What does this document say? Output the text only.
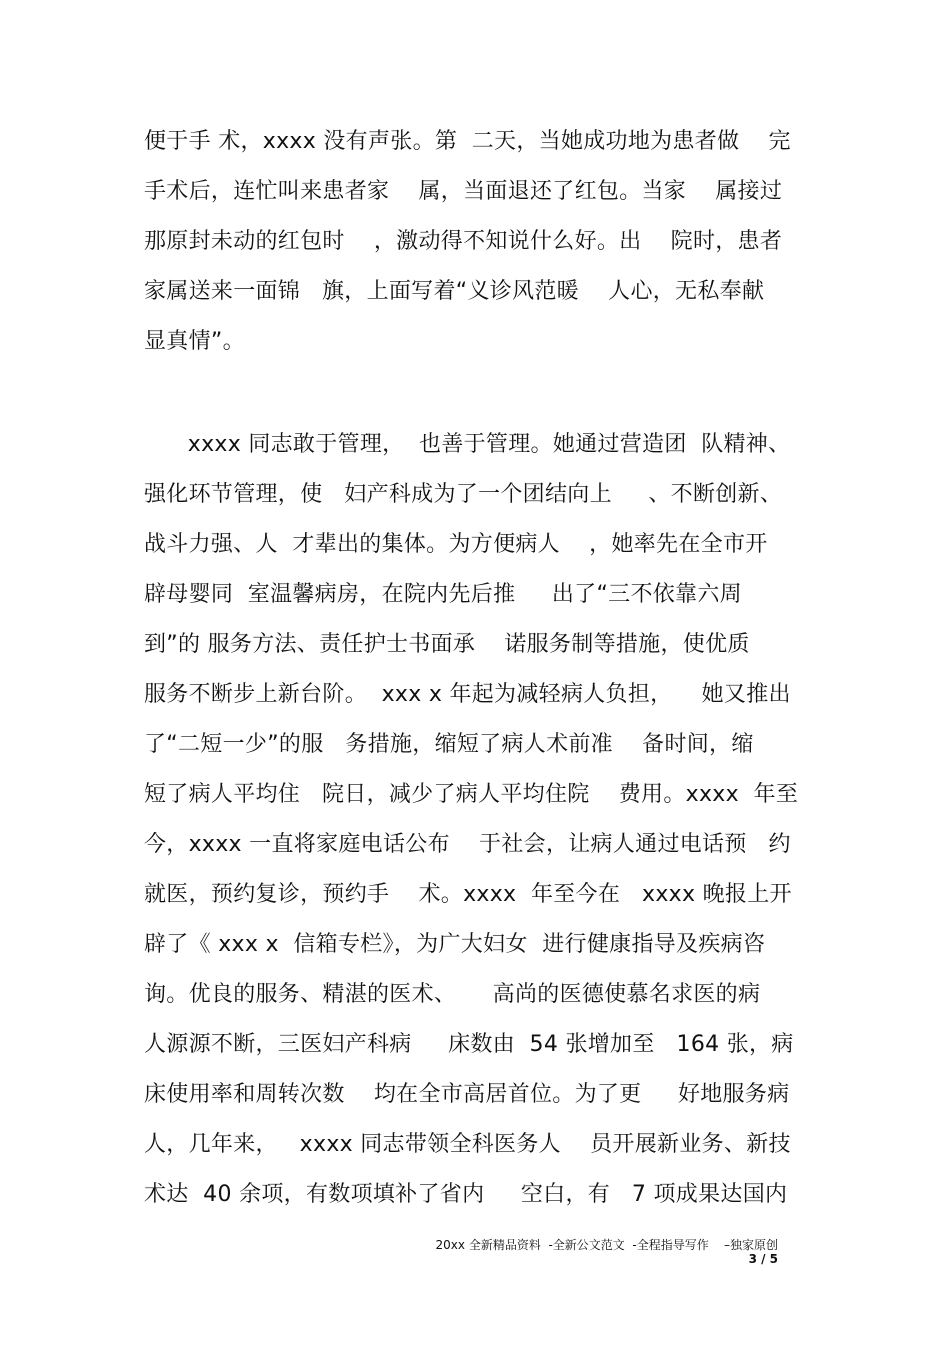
便于手 术，xxxx 没有声张。第  二天，当她成功地为患者做    完
手术后，连忙叫来患者家    属，当面退还了红包。当家    属接过
那原封未动的红包时    ，激动得不知说什么好。出    院时，患者
家属送来一面锦   旗，上面写着“义诊风范暖    人心，无私奉献
显真情”。
xxxx 同志敢于管理，  也善于管理。她通过营造团  队精神、
强化环节管理，使   妇产科成为了一个团结向上     、不断创新、
战斗力强、人  才辈出的集体。为方便病人    ，她率先在全市开
辟母婴同  室温馨病房，在院内先后推     出了“三不依靠六周
到”的 服务方法、责任护士书面承    诺服务制等措施，使优质
服务不断步上新台阶。  xxx x 年起为减轻病人负担，    她又推出
了“二短一少”的服   务措施，缩短了病人术前准    备时间，缩
短了病人平均住   院日，减少了病人平均住院    费用。xxxx  年至
今，xxxx 一直将家庭电话公布    于社会，让病人通过电话预   约
就医，预约复诊，预约手    术。xxxx  年至今在   xxxx 晚报上开
辟了《 xxx x  信箱专栏》，为广大妇女  进行健康指导及疾病咨
询。优良的服务、精湛的医术、     高尚的医德使慕名求医的病
人源源不断，三医妇产科病     床数由  54 张增加至   164 张，病
床使用率和周转次数    均在全市高居首位。为了更     好地服务病
人，几年来，   xxxx 同志带领全科医务人    员开展新业务、新技
术达  40 余项，有数项填补了省内     空白，有   7 项成果达国内
20xx 全新精品资料  -全新公文范文  -全程指导写作    –独家原创
3 / 5
